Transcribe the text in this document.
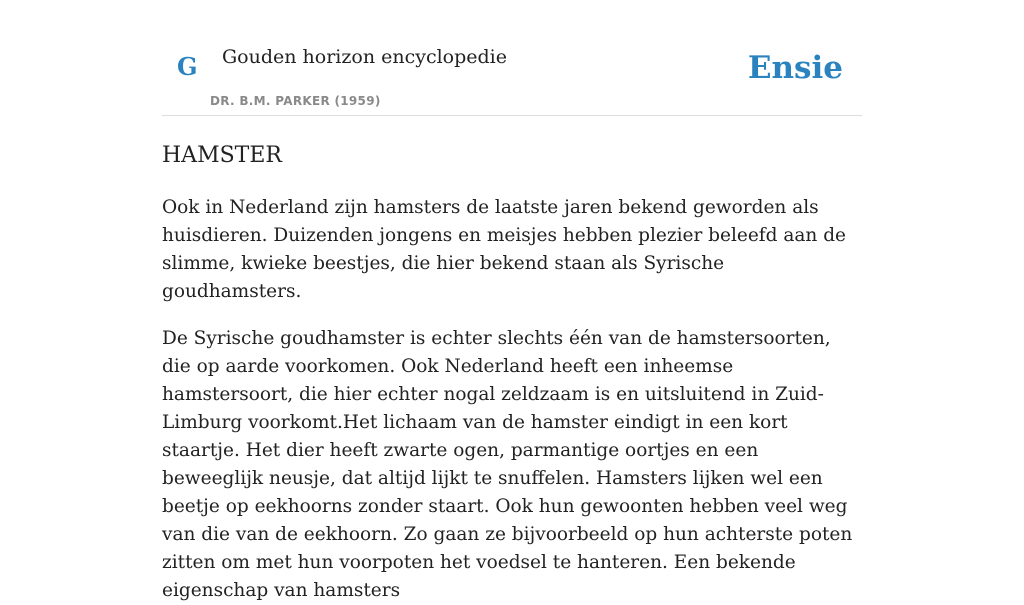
G Gouden horizon encyclopedie
DR. B.M. PARKER (1959)
Ensie
HAMSTER

Ook in Nederland zijn hamsters de laatste jaren bekend geworden als huisdieren. Duizenden jongens en meisjes hebben plezier beleefd aan de slimme, kwieke beestjes, die hier bekend staan als Syrische goudhamsters.

De Syrische goudhamster is echter slechts één van de hamstersoorten, die op aarde voorkomen. Ook Nederland heeft een inheemse hamstersoort, die hier echter nogal zeldzaam is en uitsluitend in Zuid-Limburg voorkomt.Het lichaam van de hamster eindigt in een kort staartje. Het dier heeft zwarte ogen, parmantige oortjes en een beweeglijk neusje, dat altijd lijkt te snuffelen. Hamsters lijken wel een beetje op eekhoorns zonder staart. Ook hun gewoonten hebben veel weg van die van de eekhoorn. Zo gaan ze bijvoorbeeld op hun achterste poten zitten om met hun voorpoten het voedsel te hanteren. Een bekende eigenschap van hamsters
